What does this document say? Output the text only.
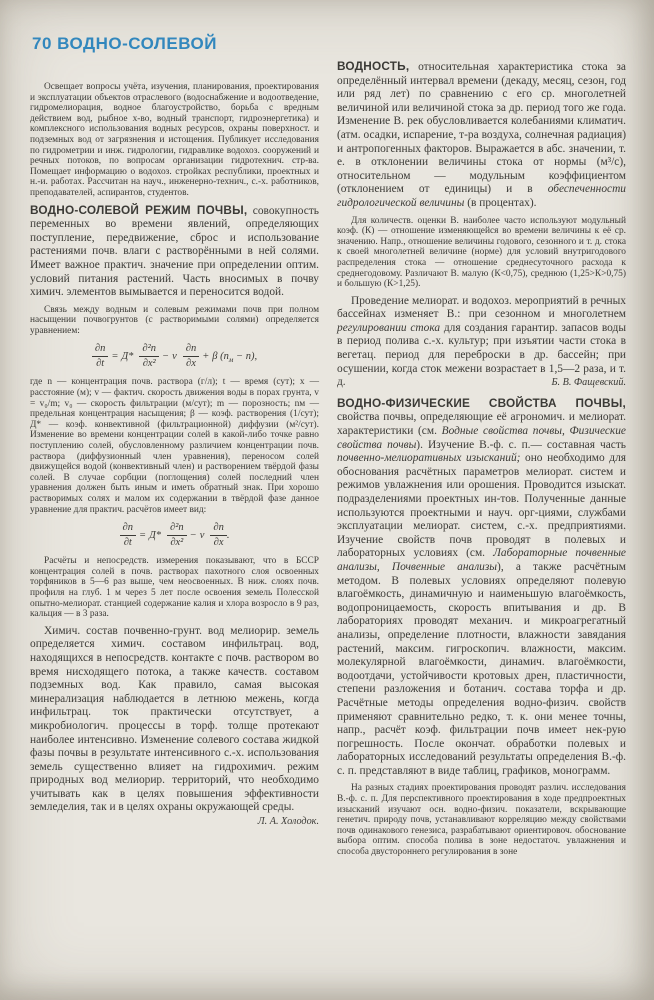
70 ВОДНО-СОЛЕВОЙ

Освещает вопросы учёта, изучения, планирования, проектирования и эксплуатации объектов отраслевого (водоснабжение и водоотведение, гидромелиорация, водное благоустройство, борьба с вредным действием вод, рыбное х-во, водный транспорт, гидроэнергетика) и комплексного использования водных ресурсов, охраны поверхност. и подземных вод от загрязнения и истощения. Публикует исследования по гидрометрии и инж. гидрологии, гидравлике водохоз. сооружений и речных потоков, по вопросам организации гидротехнич. стр-ва. Помещает информацию о водохоз. стройках республики, проектных и н.-и. работах. Рассчитан на науч., инженерно-технич., с.-х. работников, преподавателей, аспирантов, студентов.

ВОДНО-СОЛЕВОЙ РЕЖИМ ПОЧВЫ, совокупность переменных во времени явлений, определяющих поступление, передвижение, сброс и использование растениями почв. влаги с растворёнными в ней солями. Имеет важное практич. значение при определении оптим. условий питания растений. Часть вносимых в почву химич. элементов вымывается и переносится водой.

Связь между водным и солевым режимами почв при полном насыщении почвогрунтов (с растворимыми солями) определяется уравнением:

$\frac{\partial n}{\partial t} = Д* \frac{\text{∂²n}}{\text{∂x²}} - v \frac{\partial n}{\partial x} + \beta$ $(n_м - n)$,

где n — концентрация почв. раствора (г/л); t — время (сут); x — расстояние (м); v — фактич. скорость движения воды в порах грунта, v = v₀/m; v₀ — скорость фильтрации (м/сут); m — порозность; nм — предельная концентрация насыщения; β — коэф. растворения (1/сут); Д* — коэф. конвективной (фильтрационной) диффузии (м²/сут). Изменение во времени концентрации солей в какой-либо точке равно поступлению солей, обусловленному различием концентрации почв. раствора (диффузионный член уравнения), переносом солей движущейся водой (конвективный член) и растворением твёрдой фазы солей. В случае сорбции (поглощения) солей последний член уравнения должен быть иным и иметь обратный знак. При хорошо растворимых солях и малом их содержании в твёрдой фазе данное уравнение для практич. расчётов имеет вид:

$\frac{\partial n}{\partial t} = Д* \frac{\text{∂²n}}{\text{∂x²}} - v \frac{\partial n}{\partial x}$ .

Расчёты и непосредств. измерения показывают, что в БССР концентрация солей в почв. растворах пахотного слоя освоенных торфяников в 5—6 раз выше, чем неосвоенных. В ниж. слоях почв. профиля на глуб. 1 м через 5 лет после освоения земель Полесской опытно-мелиорат. станцией содержание калия и хлора возросло в 9 раз, кальция — в 3 раза.

Химич. состав почвенно-грунт. вод мелиорир. земель определяется химич. составом инфильтрац. вод, находящихся в непосредств. контакте с почв. раствором во время нисходящего потока, а также качеств. составом подземных вод. Как правило, самая высокая минерализация наблюдается в летнюю межень, когда инфильтрац. ток практически отсутствует, а микробиологич. процессы в торф. толще протекают наиболее интенсивно. Изменение солевого состава жидкой фазы почвы в результате интенсивного с.-х. использования земель существенно влияет на гидрохимич. режим природных вод мелиорир. территорий, что необходимо учитывать как в целях повышения эффективности земледелия, так и в целях охраны окружающей среды.
Л. А. Холодок.

ВОДНОСТЬ, относительная характеристика стока за определённый интервал времени (декаду, месяц, сезон, год или ряд лет) по сравнению с его ср. многолетней величиной или величиной стока за др. период того же года. Изменение В. рек обусловливается колебаниями климатич. (атм. осадки, испарение, т-ра воздуха, солнечная радиация) и антропогенных факторов. Выражается в абс. значении, т. е. в отклонении величины стока от нормы (м³/с), относительном — модульным коэффициентом (отклонением от единицы) и в обеспеченности гидрологической величины (в процентах).

Для количеств. оценки В. наиболее часто используют модульный коэф. (К) — отношение изменяющейся во времени величины к её ср. значению. Напр., отношение величины годового, сезонного и т. д. стока к своей многолетней величине (норме) для условий внутригодового распределения стока — отношение среднесуточного расхода к среднегодовому. Различают В. малую (К<0,75), среднюю (1,25>К>0,75) и большую (К>1,25).

Проведение мелиорат. и водохоз. мероприятий в речных бассейнах изменяет В.: при сезонном и многолетнем регулировании стока для создания гарантир. запасов воды в период полива с.-х. культур; при изъятии части стока в вегетац. период для переброски в др. бассейн; при осушении, когда сток межени возрастает в 1,5—2 раза, и т. д.	Б. В. Фащевский.

ВОДНО-ФИЗИЧЕСКИЕ СВОЙСТВА ПОЧВЫ, свойства почвы, определяющие её агрономич. и мелиорат. характеристики (см. Водные свойства почвы, Физические свойства почвы). Изучение В.-ф. с. п.— составная часть почвенно-мелиоративных изысканий; оно необходимо для обоснования расчётных параметров мелиорат. систем и режимов увлажнения или орошения. Проводится изыскат. подразделениями проектных ин-тов. Полученные данные используются проектными и науч. орг-циями, службами эксплуатации мелиорат. систем, с.-х. предприятиями. Изучение свойств почв проводят в полевых и лабораторных условиях (см. Лабораторные почвенные анализы, Почвенные анализы), а также расчётным методом. В полевых условиях определяют полевую влагоёмкость, динамичную и наименьшую влагоёмкость, водопроницаемость, скорость впитывания и др. В лабораториях проводят механич. и микроагрегатный анализы, определение плотности, влажности завядания растений, максим. гигроскопич. влажности, максим. молекулярной влагоёмкости, динамич. влагоёмкости, водоотдачи, устойчивости кротовых дрен, пластичности, степени разложения и ботанич. состава торфа и др. Расчётные методы определения водно-физич. свойств применяют сравнительно редко, т. к. они менее точны, напр., расчёт коэф. фильтрации почв имеет нек-рую погрешность. После окончат. обработки полевых и лабораторных исследований результаты определения В.-ф. с. п. представляют в виде таблиц, графиков, монограмм.

На разных стадиях проектирования проводят различ. исследования В.-ф. с. п. Для перспективного проектирования в ходе предпроектных изысканий изучают осн. водно-физич. показатели, вскрывающие генетич. природу почв, устанавливают корреляцию между свойствами почв одинакового генезиса, разрабатывают ориентировоч. обоснование выбора оптим. способа полива в зоне недостаточ. увлажнения и способа двустороннего регулирования в зоне
